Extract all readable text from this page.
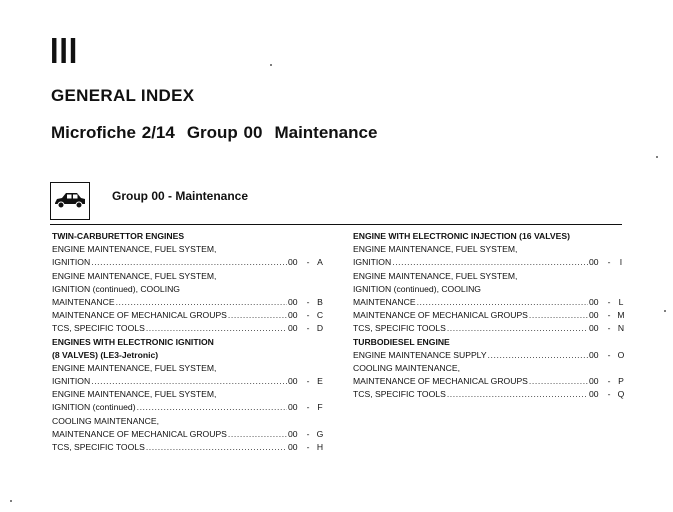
III
GENERAL INDEX
Microfiche 2/14 Group 00 Maintenance
Group 00 - Maintenance
TWIN-CARBURETTOR ENGINES
ENGINE MAINTENANCE, FUEL SYSTEM,
IGNITION .....	00	- A
ENGINE MAINTENANCE, FUEL SYSTEM,
IGNITION (continued), COOLING
MAINTENANCE .....	00	- B
MAINTENANCE OF MECHANICAL GROUPS .....	00	- C
TCS, SPECIFIC TOOLS .....	00	- D
ENGINES WITH ELECTRONIC IGNITION
(8 VALVES) (LE3-Jetronic)
ENGINE MAINTENANCE, FUEL SYSTEM,
IGNITION .....	00	- E
ENGINE MAINTENANCE, FUEL SYSTEM,
IGNITION (continued) .....	00	- F
COOLING MAINTENANCE,
MAINTENANCE OF MECHANICAL GROUPS .....	00	- G
TCS, SPECIFIC TOOLS .....	00	- H
ENGINE WITH ELECTRONIC INJECTION (16 VALVES)
ENGINE MAINTENANCE, FUEL SYSTEM,
IGNITION .....	00	-	I
ENGINE MAINTENANCE, FUEL SYSTEM,
IGNITION (continued), COOLING
MAINTENANCE .....	00	- L
MAINTENANCE OF MECHANICAL GROUPS .....	00	- M
TCS, SPECIFIC TOOLS .....	00	- N
TURBODIESEL ENGINE
ENGINE MAINTENANCE SUPPLY .....	00	- O
COOLING MAINTENANCE,
MAINTENANCE OF MECHANICAL GROUPS .....	00	- P
TCS, SPECIFIC TOOLS .....	00	- Q
